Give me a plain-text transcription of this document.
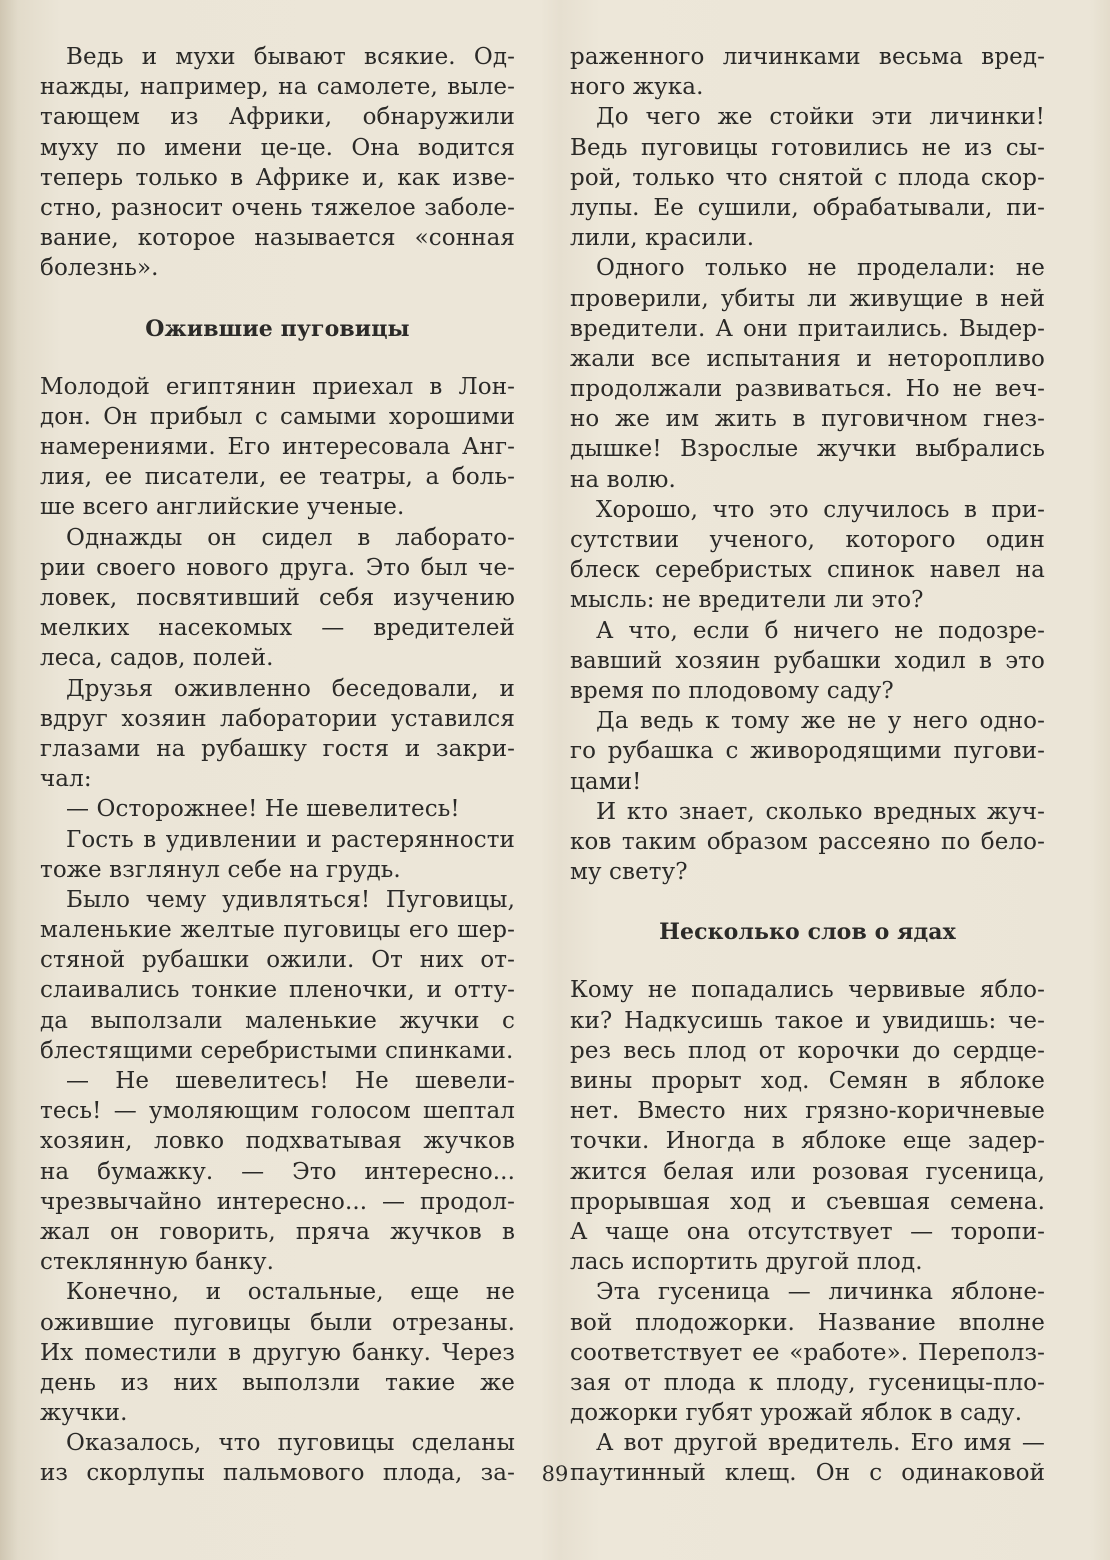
Ведь и мухи бывают всякие. Од-
нажды, например, на самолете, выле-
тающем из Африки, обнаружили
муху по имени це-це. Она водится
теперь только в Африке и, как изве-
стно, разносит очень тяжелое заболе-
вание, которое называется «сонная
болезнь».
Ожившие пуговицы
Молодой египтянин приехал в Лон-
дон. Он прибыл с самыми хорошими
намерениями. Его интересовала Анг-
лия, ее писатели, ее театры, а боль-
ше всего английские ученые.
Однажды он сидел в лаборато-
рии своего нового друга. Это был че-
ловек, посвятивший себя изучению
мелких насекомых — вредителей
леса, садов, полей.
Друзья оживленно беседовали, и
вдруг хозяин лаборатории уставился
глазами на рубашку гостя и закри-
чал:
— Осторожнее! Не шевелитесь!
Гость в удивлении и растерянности
тоже взглянул себе на грудь.
Было чему удивляться! Пуговицы,
маленькие желтые пуговицы его шер-
стяной рубашки ожили. От них от-
слаивались тонкие пленочки, и отту-
да выползали маленькие жучки с
блестящими серебристыми спинками.
— Не шевелитесь! Не шевели-
тесь! — умоляющим голосом шептал
хозяин, ловко подхватывая жучков
на бумажку. — Это интересно...
чрезвычайно интересно... — продол-
жал он говорить, пряча жучков в
стеклянную банку.
Конечно, и остальные, еще не
ожившие пуговицы были отрезаны.
Их поместили в другую банку. Через
день из них выползли такие же
жучки.
Оказалось, что пуговицы сделаны
из скорлупы пальмового плода, за-
раженного личинками весьма вред-
ного жука.
До чего же стойки эти личинки!
Ведь пуговицы готовились не из сы-
рой, только что снятой с плода скор-
лупы. Ее сушили, обрабатывали, пи-
лили, красили.
Одного только не проделали: не
проверили, убиты ли живущие в ней
вредители. А они притаились. Выдер-
жали все испытания и неторопливо
продолжали развиваться. Но не веч-
но же им жить в пуговичном гнез-
дышке! Взрослые жучки выбрались
на волю.
Хорошо, что это случилось в при-
сутствии ученого, которого один
блеск серебристых спинок навел на
мысль: не вредители ли это?
А что, если б ничего не подозре-
вавший хозяин рубашки ходил в это
время по плодовому саду?
Да ведь к тому же не у него одно-
го рубашка с живородящими пугови-
цами!
И кто знает, сколько вредных жуч-
ков таким образом рассеяно по бело-
му свету?
Несколько слов о ядах
Кому не попадались червивые ябло-
ки? Надкусишь такое и увидишь: че-
рез весь плод от корочки до сердце-
вины прорыт ход. Семян в яблоке
нет. Вместо них грязно-коричневые
точки. Иногда в яблоке еще задер-
жится белая или розовая гусеница,
прорывшая ход и съевшая семена.
А чаще она отсутствует — торопи-
лась испортить другой плод.
Эта гусеница — личинка яблоне-
вой плодожорки. Название вполне
соответствует ее «работе». Переполз-
зая от плода к плоду, гусеницы-пло-
дожорки губят урожай яблок в саду.
А вот другой вредитель. Его имя —
паутинный клещ. Он с одинаковой
89
